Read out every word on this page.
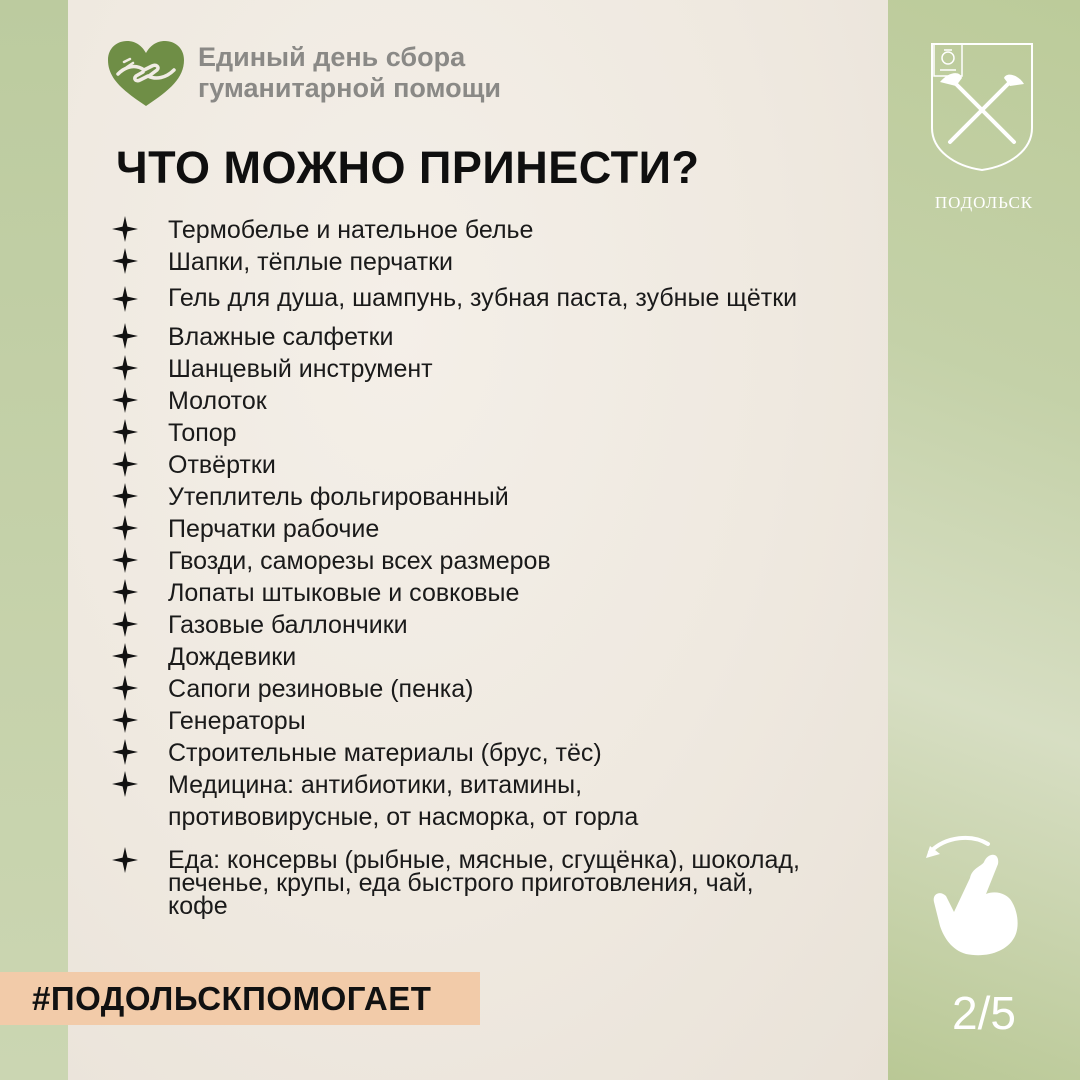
Единый день сбора
гуманитарной помощи
ЧТО МОЖНО ПРИНЕСТИ?
Термобелье и нательное белье
Шапки, тёплые перчатки
Гель для душа, шампунь, зубная паста, зубные щётки
Влажные салфетки
Шанцевый инструмент
Молоток
Топор
Отвёртки
Утеплитель фольгированный
Перчатки рабочие
Гвозди, саморезы всех размеров
Лопаты штыковые и совковые
Газовые баллончики
Дождевики
Сапоги резиновые (пенка)
Генераторы
Строительные материалы (брус, тёс)
Медицина: антибиотики, витамины, противовирусные, от насморка, от горла
Еда: консервы (рыбные, мясные, сгущёнка), шоколад, печенье, крупы, еда быстрого приготовления, чай, кофе
#ПОДОЛЬСКПОМОГАЕТ
ПОДОЛЬСК
2/5
